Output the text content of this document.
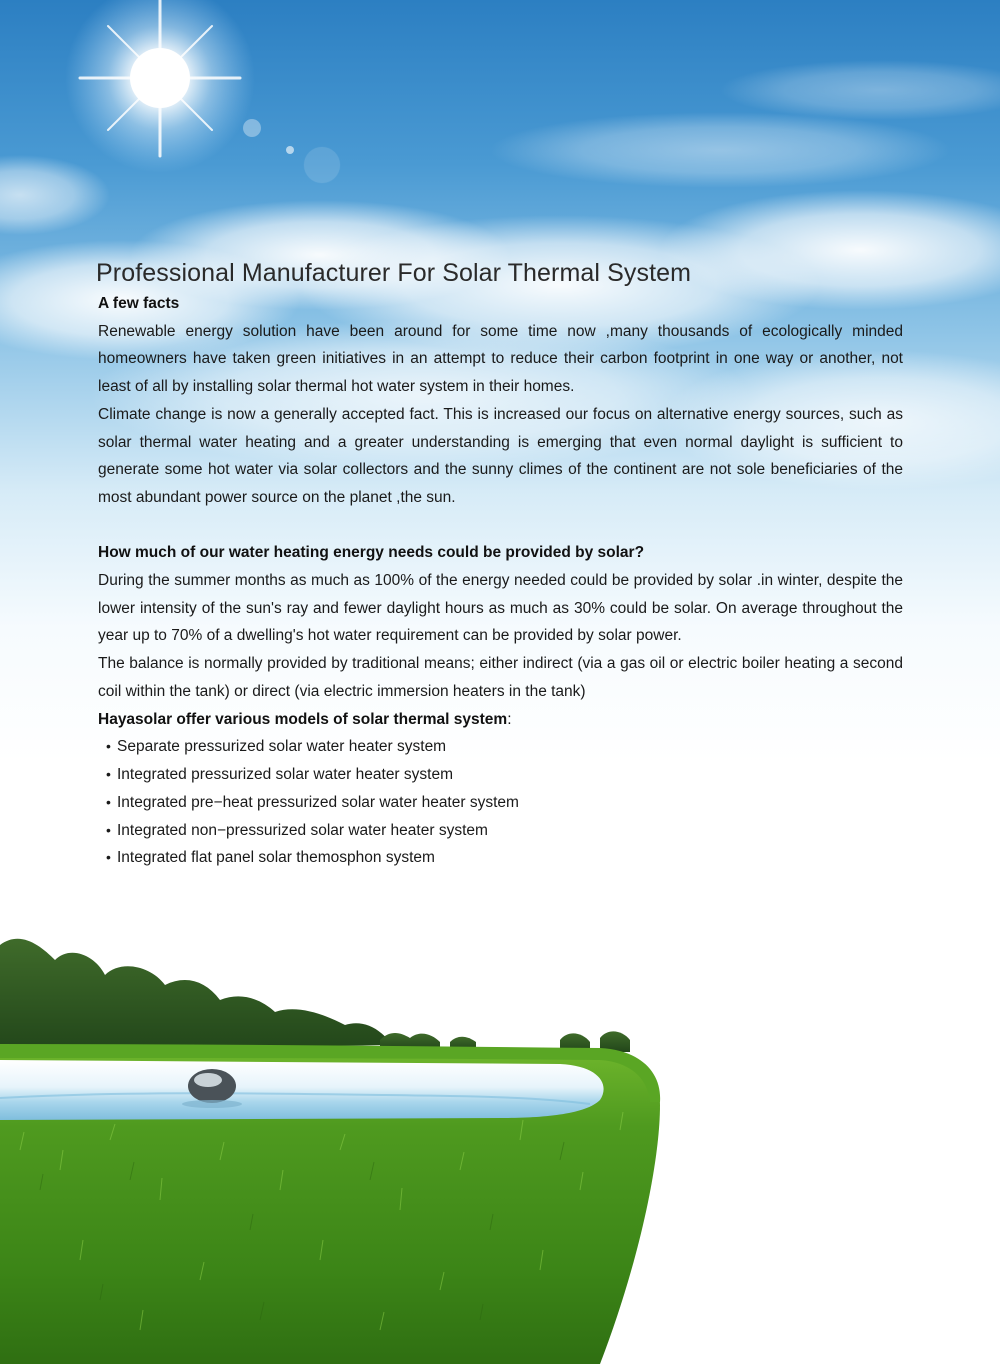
Professional Manufacturer For Solar Thermal System

A few facts

Renewable energy solution have been around for some time now ,many thousands of ecologically minded homeowners have taken green initiatives in an attempt to reduce their carbon footprint in one way or another, not least of all by installing solar thermal hot water system in their homes.

Climate change is now a generally accepted fact. This is increased our focus on alternative energy sources, such as solar thermal water heating and a greater understanding is emerging that even normal daylight is sufficient to generate some hot water via solar collectors and the sunny climes of the continent are not sole beneficiaries of the most abundant power source on the planet ,the sun.

How much of our water heating energy needs could be provided by solar?

During the summer months as much as 100% of the energy needed could be provided by solar .in winter, despite the lower intensity of the sun's ray and fewer daylight hours as much as 30% could be solar. On average throughout the year up to 70% of a dwelling's hot water requirement can be provided by solar power.

The balance is normally provided by traditional means; either indirect (via a gas oil or electric boiler heating a second coil within the tank) or direct (via electric immersion heaters in the tank)

Hayasolar offer various models of solar thermal system:

• Separate pressurized solar water heater system
• Integrated pressurized solar water heater system
• Integrated pre−heat pressurized solar water heater system
• Integrated non−pressurized solar water heater system
• Integrated flat panel solar themosphon system
